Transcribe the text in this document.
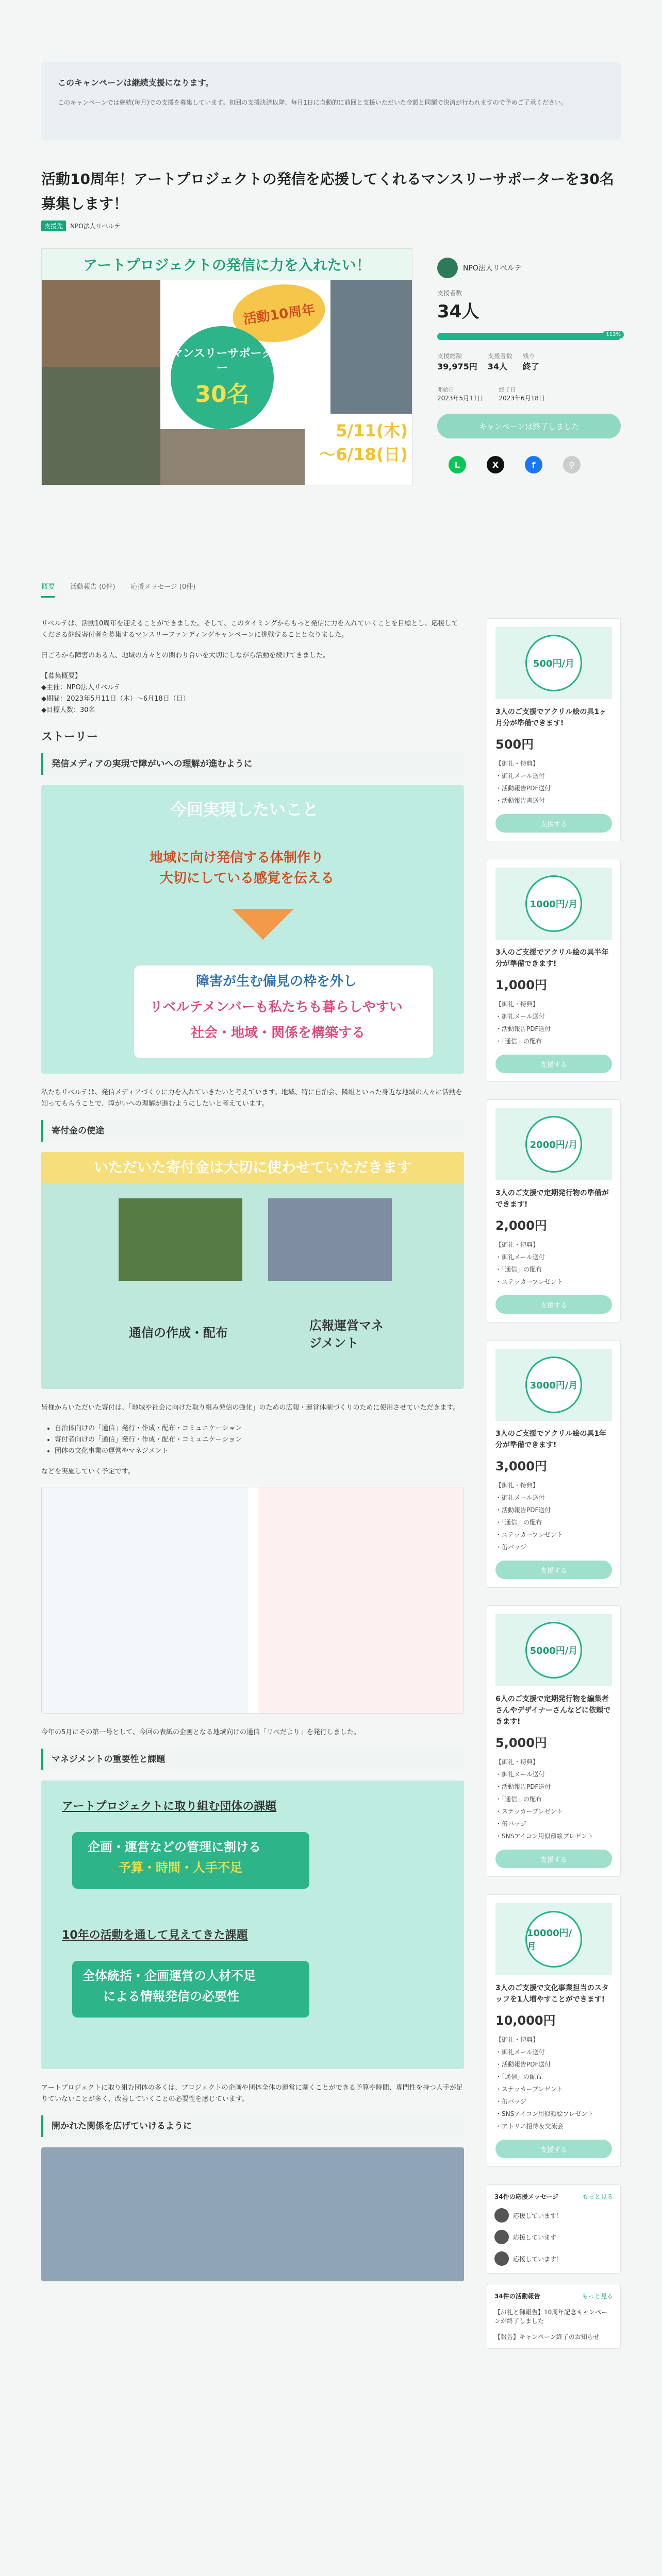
このキャンペーンは継続支援になります。

このキャンペーンでは継続(毎月)での支援を募集しています。初回の支援決済以降、毎月1日に自動的に前回と支援いただいた金額と同額で決済が行われますので予めご了承ください。

活動10周年！アートプロジェクトの発信を応援してくれるマンスリーサポーターを30名募集します！
支援先	NPO法人リベルテ
アートプロジェクトの発信に力を入れたい！
活動10周年
マンスリーサポーター
30名
5/11(木)
〜6/18(日)
NPO法人リベルテ
支援者数
34人
113%
支援総額
39,975円
支援者数
34人
残り
終了
開始日
2023年5月11日
終了日
2023年6月18日
キャンペーンは終了しました
L	X	f	⚲
概要 活動報告 (0件) 応援メッセージ (0件)

リベルテは、活動10周年を迎えることができました。そして、このタイミングからもっと発信に力を入れていくことを目標とし、応援してくださる継続寄付者を募集するマンスリーファンディングキャンペーンに挑戦することとなりました。

日ごろから障害のある人、地域の方々との関わり合いを大切にしながら活動を続けてきました。

【募集概要】
◆主催：NPO法人リベルテ
◆期間：2023年5月11日（木）〜6月18日（日）
◆目標人数：30名
ストーリー
発信メディアの実現で障がいへの理解が進むように
今回実現したいこと
地域に向け発信する体制作り
大切にしている感覚を伝える
障害が生む偏見の枠を外し
リベルテメンバーも私たちも暮らしやすい
社会・地域・関係を構築する

私たちリベルテは、発信メディアづくりに力を入れていきたいと考えています。地域、特に自治会、隣組といった身近な地域の人々に活動を知ってもらうことで、障がいへの理解が進むようにしたいと考えています。

寄付金の使途
いただいた寄付金は大切に使わせていただきます
通信の作成・配布	広報運営マネジメント

皆様からいただいた寄付は、「地域や社会に向けた取り組み発信の強化」のための広報・運営体制づくりのために使用させていただきます。

• 自治体向けの「通信」発行・作成・配布・コミュニケーション
• 寄付者向けの「通信」発行・作成・配布・コミュニケーション
• 団体の文化事業の運営やマネジメント

などを実施していく予定です。

今年の5月にその第一号として、今回の表紙の企画となる地域向けの通信「リベだより」を発行しました。

マネジメントの重要性と課題
アートプロジェクトに取り組む団体の課題
企画・運営などの管理に割ける
予算・時間・人手不足
10年の活動を通して見えてきた課題
全体統括・企画運営の人材不足
による情報発信の必要性

アートプロジェクトに取り組む団体の多くは、プロジェクトの企画や団体全体の運営に割くことができる予算や時間、専門性を持つ人手が足りていないことが多く、改善していくことの必要性を感じています。

開かれた関係を広げていけるように
500円/月
3人のご支援でアクリル絵の具1ヶ月分が準備できます!
500円
【御礼・特典】
・御礼メール送付
・活動報告PDF送付
・活動報告書送付
支援する
1000円/月
3人のご支援でアクリル絵の具半年分が準備できます!
1,000円
【御礼・特典】
・御礼メール送付
・活動報告PDF送付
・「通信」の配布
支援する
2000円/月
3人のご支援で定期発行物の準備ができます!
2,000円
【御礼・特典】
・御礼メール送付
・「通信」の配布
・ステッカープレゼント
支援する
3000円/月
3人のご支援でアクリル絵の具1年分が準備できます!
3,000円
【御礼・特典】
・御礼メール送付
・活動報告PDF送付
・「通信」の配布
・ステッカープレゼント
・缶バッジ
支援する
5000円/月
6人のご支援で定期発行物を編集者さんやデザイナーさんなどに依頼できます!
5,000円
【御礼・特典】
・御礼メール送付
・活動報告PDF送付
・「通信」の配布
・ステッカープレゼント
・缶バッジ
・SNSアイコン用似顔絵プレゼント
支援する
10000円/月
3人のご支援で文化事業担当のスタッフを1人増やすことができます!
10,000円
【御礼・特典】
・御礼メール送付
・活動報告PDF送付
・「通信」の配布
・ステッカープレゼント
・缶バッジ
・SNSアイコン用似顔絵プレゼント
・アトリエ招待＆交流会
支援する
34件の応援メッセージ	もっと見る
応援しています！
応援しています
応援しています！
34件の活動報告	もっと見る
【お礼と御報告】10周年記念キャンペーンが終了しました
【報告】キャンペーン終了のお知らせ
